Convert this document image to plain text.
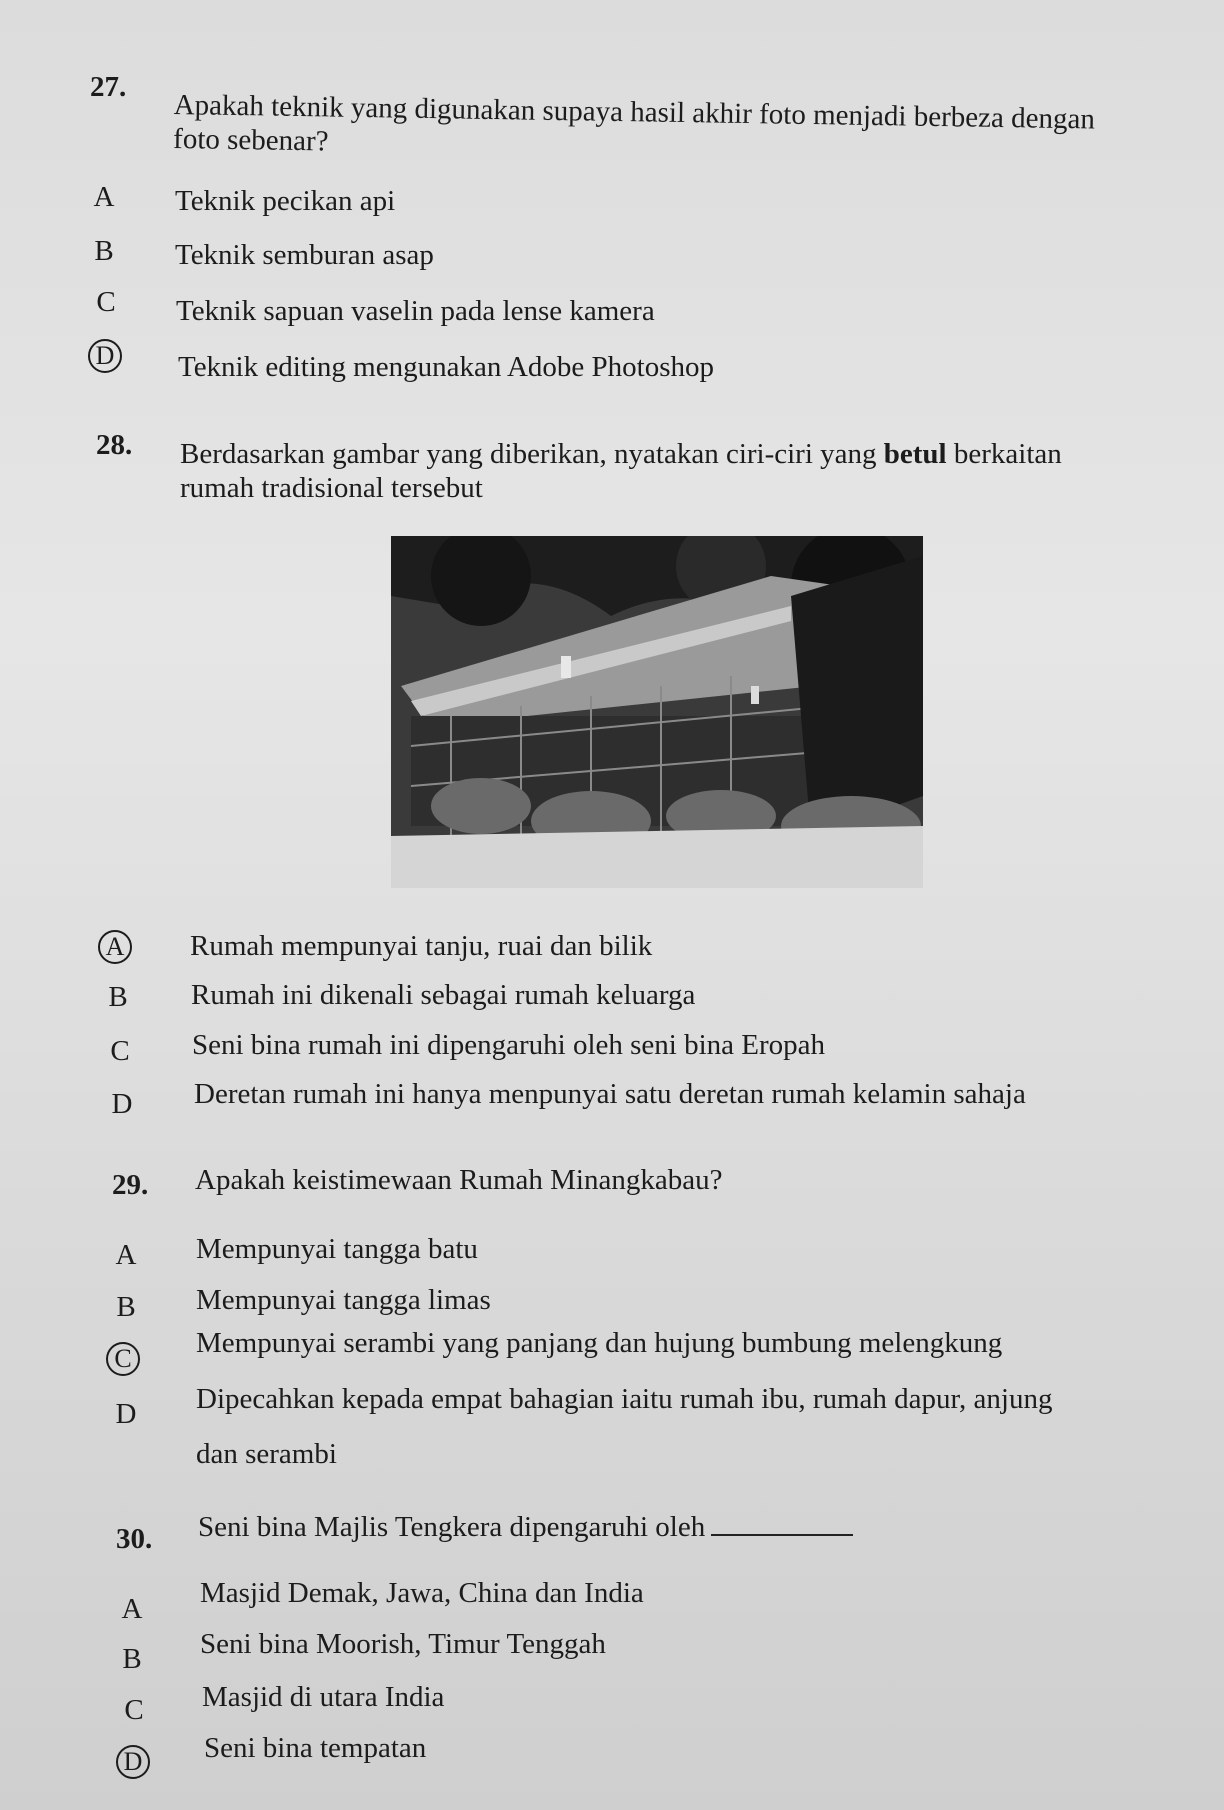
27.
Apakah teknik yang digunakan supaya hasil akhir foto menjadi berbeza dengan foto sebenar?
A Teknik pecikan api
B Teknik semburan asap
C Teknik sapuan vaselin pada lense kamera
D Teknik editing mengunakan Adobe Photoshop
28. Berdasarkan gambar yang diberikan, nyatakan ciri-ciri yang betul berkaitan rumah tradisional tersebut
A Rumah mempunyai tanju, ruai dan bilik
B Rumah ini dikenali sebagai rumah keluarga
C Seni bina rumah ini dipengaruhi oleh seni bina Eropah
D Deretan rumah ini hanya menpunyai satu deretan rumah kelamin sahaja
29. Apakah keistimewaan Rumah Minangkabau?
A Mempunyai tangga batu
B Mempunyai tangga limas
C Mempunyai serambi yang panjang dan hujung bumbung melengkung
D Dipecahkan kepada empat bahagian iaitu rumah ibu, rumah dapur, anjung
dan serambi
30. Seni bina Majlis Tengkera dipengaruhi oleh
A Masjid Demak, Jawa, China dan India
B Seni bina Moorish, Timur Tenggah
C Masjid di utara India
D Seni bina tempatan
